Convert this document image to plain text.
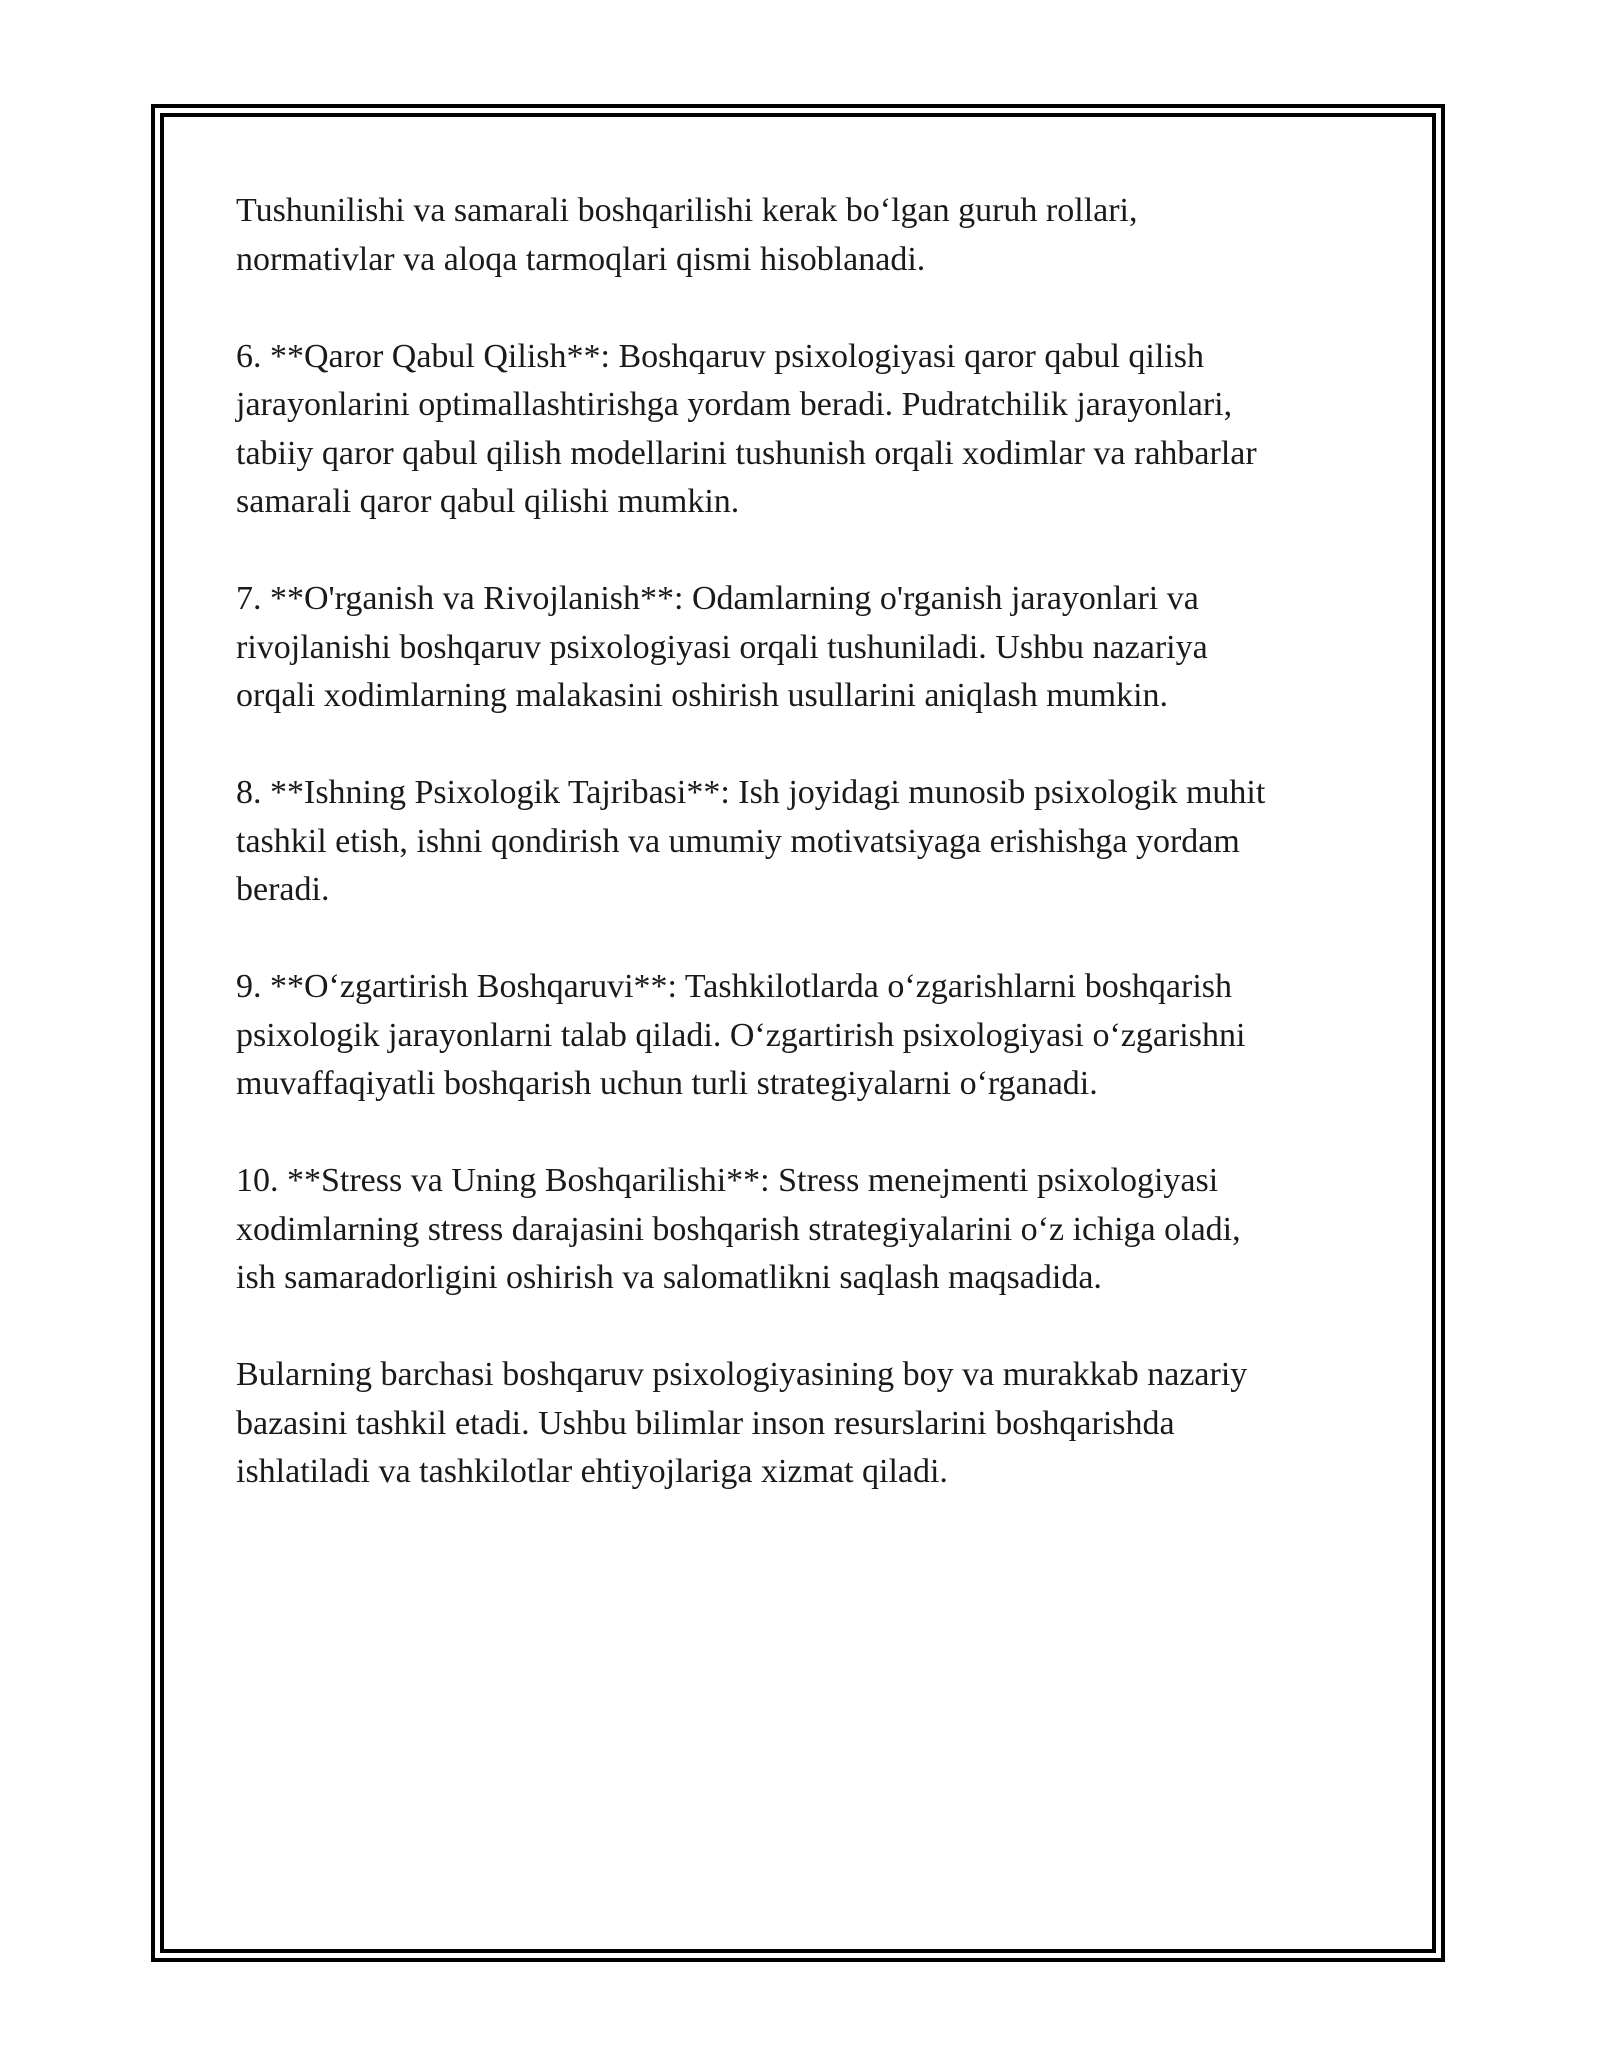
Tushunilishi va samarali boshqarilishi kerak bo‘lgan guruh rollari,
normativlar va aloqa tarmoqlari qismi hisoblanadi.

6. **Qaror Qabul Qilish**: Boshqaruv psixologiyasi qaror qabul qilish
jarayonlarini optimallashtirishga yordam beradi. Pudratchilik jarayonlari,
tabiiy qaror qabul qilish modellarini tushunish orqali xodimlar va rahbarlar
samarali qaror qabul qilishi mumkin.

7. **O'rganish va Rivojlanish**: Odamlarning o'rganish jarayonlari va
rivojlanishi boshqaruv psixologiyasi orqali tushuniladi. Ushbu nazariya
orqali xodimlarning malakasini oshirish usullarini aniqlash mumkin.

8. **Ishning Psixologik Tajribasi**: Ish joyidagi munosib psixologik muhit
tashkil etish, ishni qondirish va umumiy motivatsiyaga erishishga yordam
beradi.

9. **O‘zgartirish Boshqaruvi**: Tashkilotlarda o‘zgarishlarni boshqarish
psixologik jarayonlarni talab qiladi. O‘zgartirish psixologiyasi o‘zgarishni
muvaffaqiyatli boshqarish uchun turli strategiyalarni o‘rganadi.

10. **Stress va Uning Boshqarilishi**: Stress menejmenti psixologiyasi
xodimlarning stress darajasini boshqarish strategiyalarini o‘z ichiga oladi,
ish samaradorligini oshirish va salomatlikni saqlash maqsadida.

Bularning barchasi boshqaruv psixologiyasining boy va murakkab nazariy
bazasini tashkil etadi. Ushbu bilimlar inson resurslarini boshqarishda
ishlatiladi va tashkilotlar ehtiyojlariga xizmat qiladi.
